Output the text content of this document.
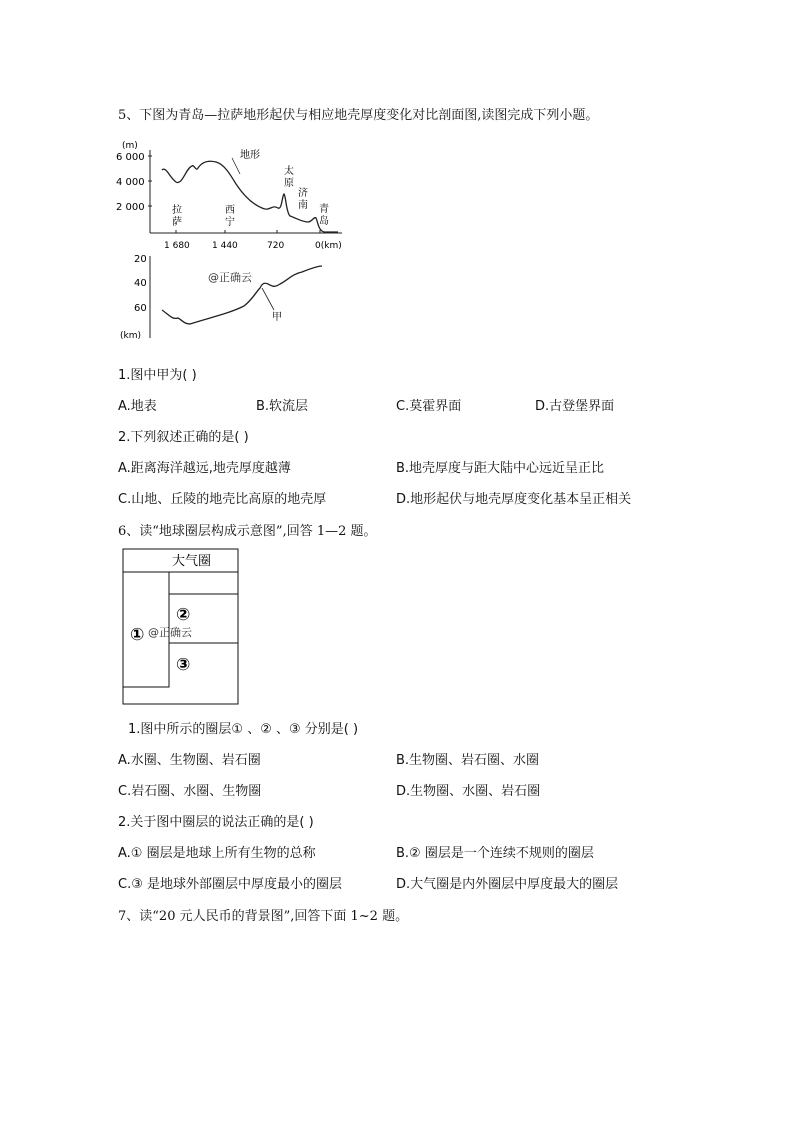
5、下图为青岛—拉萨地形起伏与相应地壳厚度变化对比剖面图,读图完成下列小题。
(m)
6 000
4 000
2 000
地形
拉
萨
西
宁
太
原
济
南 青
岛
1 680 1 440	720	0(km)
20
40
60
(km)
甲
@正确云
1.图中甲为( )
A.地表	B.软流层	C.莫霍界面	D.古登堡界面
2.下列叙述正确的是( )
A.距离海洋越远,地壳厚度越薄	B.地壳厚度与距大陆中心远近呈正比
C.山地、丘陵的地壳比高原的地壳厚	D.地形起伏与地壳厚度变化基本呈正相关
6、读“地球圈层构成示意图”,回答 1—2 题。
大气圈
①
②
③
@正确云
1.图中所示的圈层① 、② 、③ 分别是( )
A.水圈、生物圈、岩石圈	B.生物圈、岩石圈、水圈
C.岩石圈、水圈、生物圈	D.生物圈、水圈、岩石圈
2.关于图中圈层的说法正确的是( )
A.① 圈层是地球上所有生物的总称	B.② 圈层是一个连续不规则的圈层
C.③ 是地球外部圈层中厚度最小的圈层	D.大气圈是内外圈层中厚度最大的圈层
7、读“20 元人民币的背景图”,回答下面 1~2 题。
